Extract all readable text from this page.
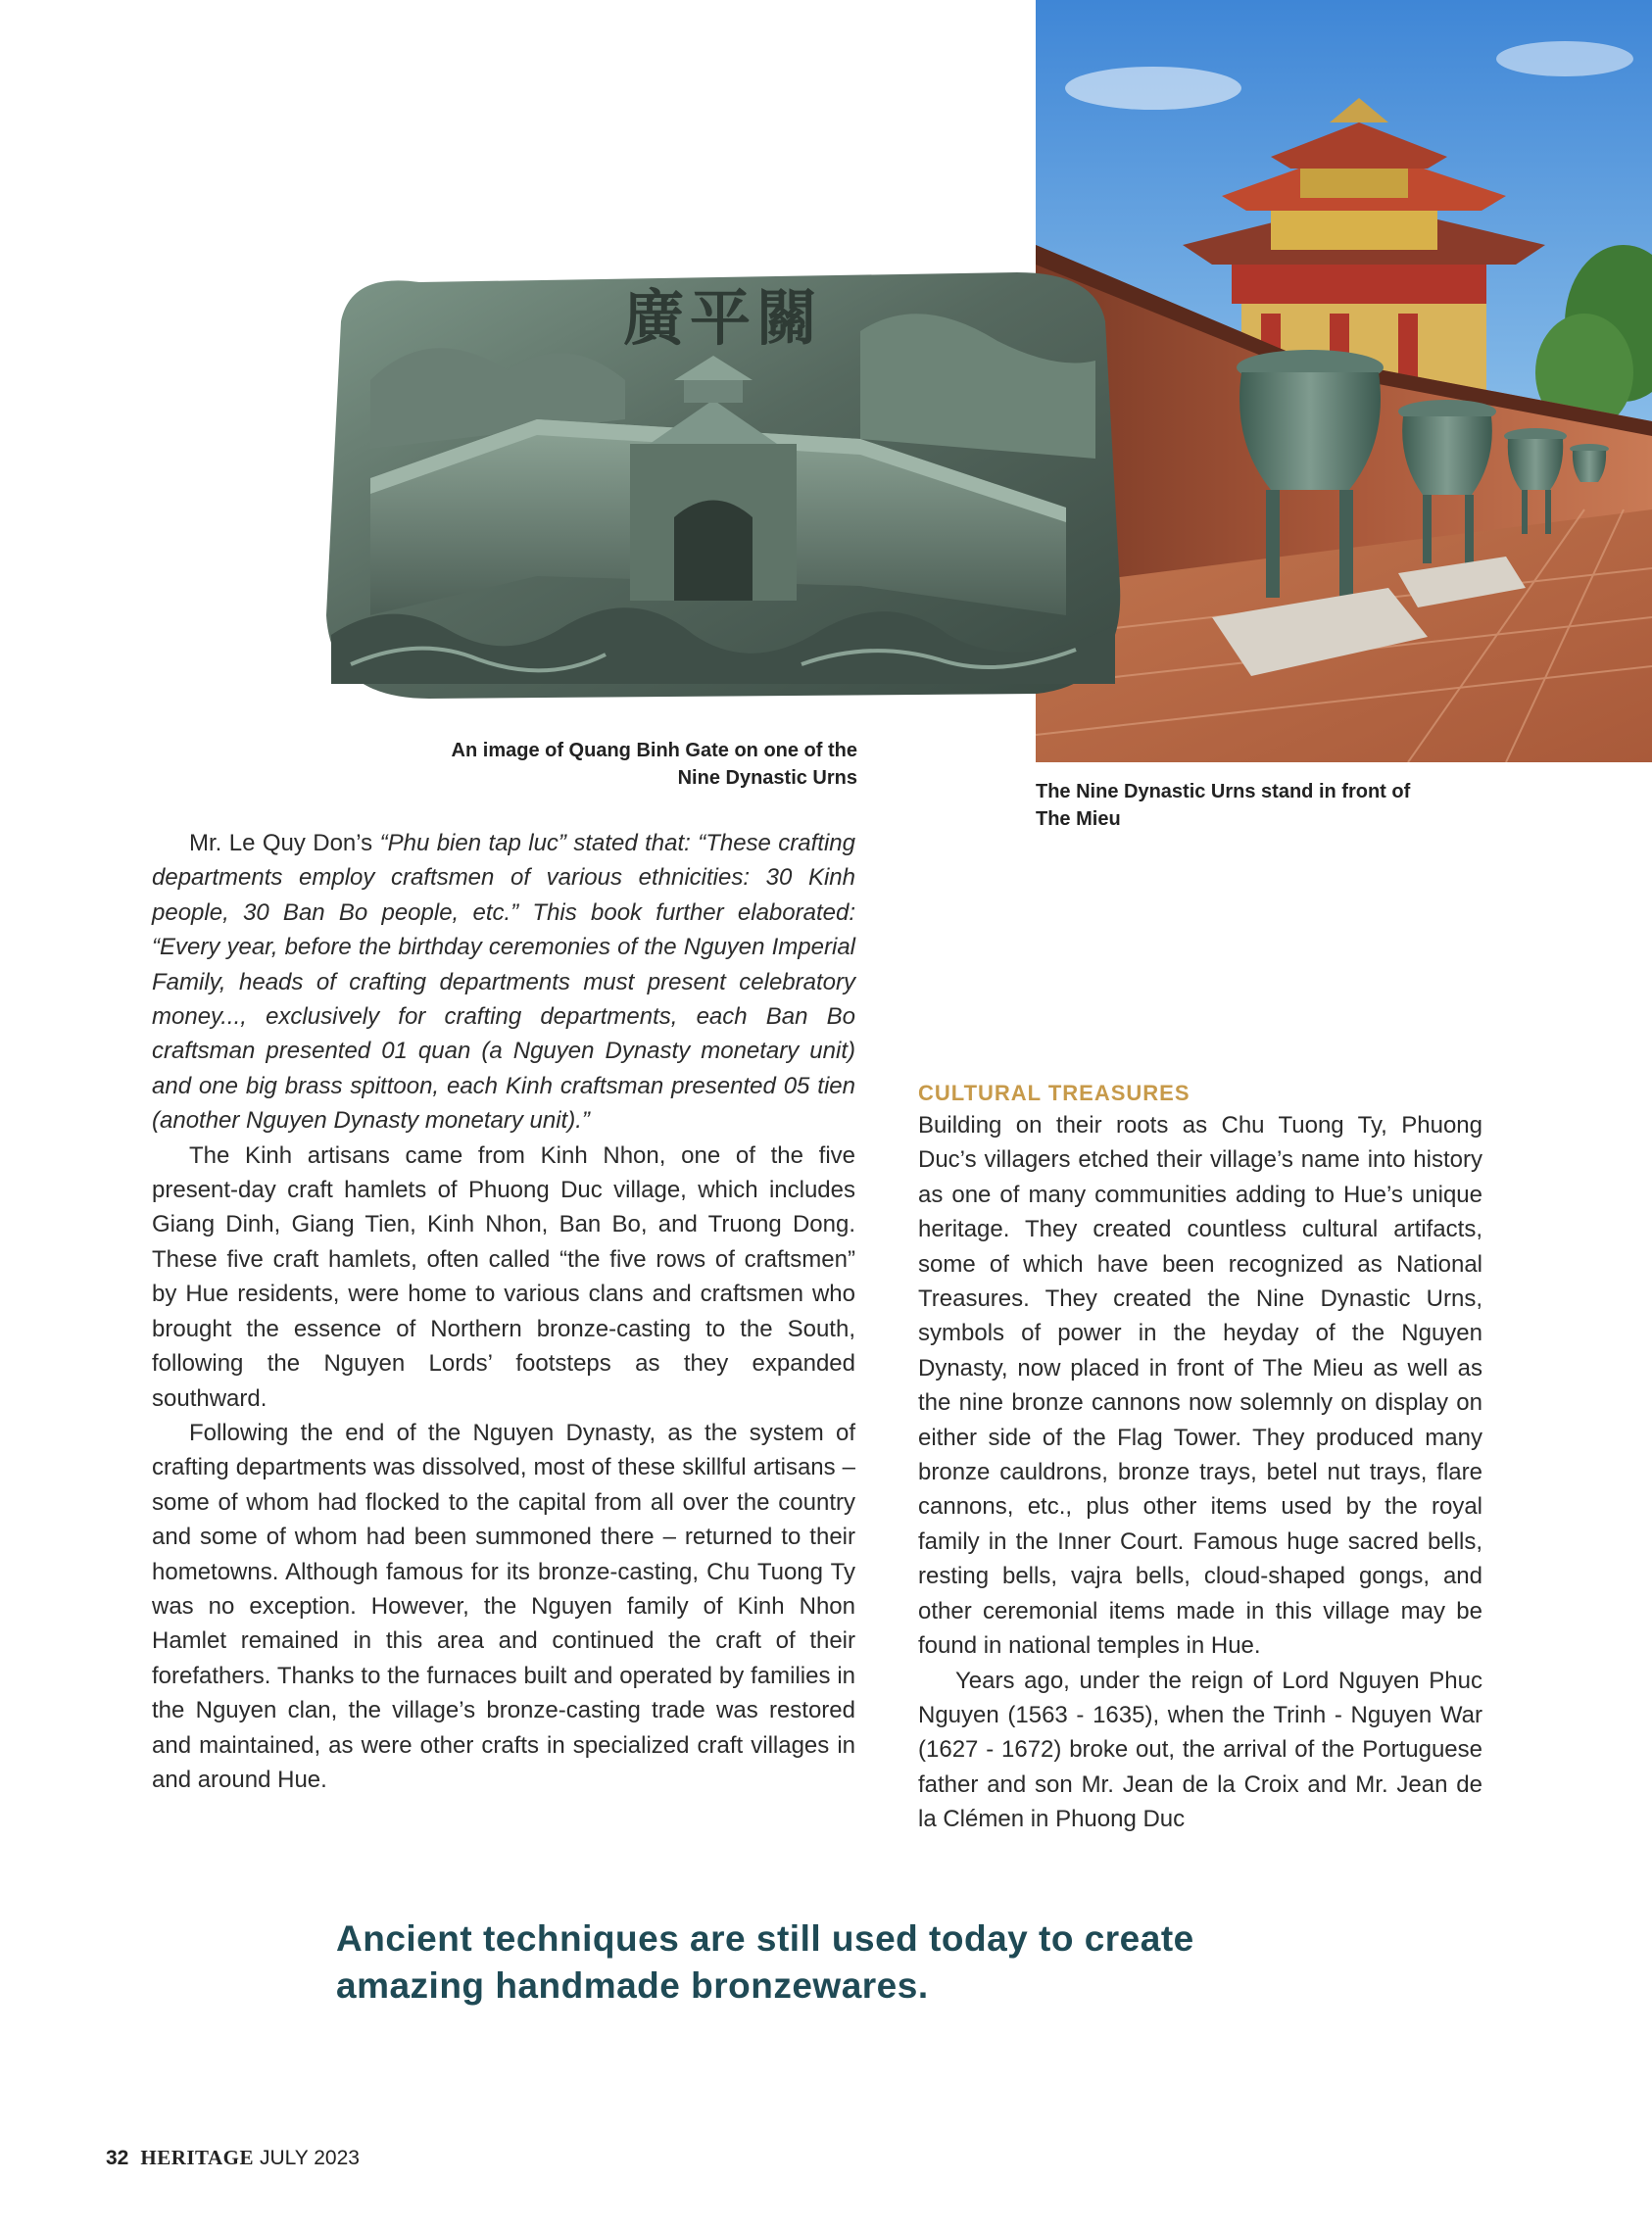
廣平關
An image of Quang Binh Gate on one of the Nine Dynastic Urns
The Nine Dynastic Urns stand in front of The Mieu

Mr. Le Quy Don’s “Phu bien tap luc” stated that: “These crafting departments employ craftsmen of various ethnicities: 30 Kinh people, 30 Ban Bo people, etc.” This book further elaborated: “Every year, before the birthday ceremonies of the Nguyen Imperial Family, heads of crafting departments must present celebratory money..., exclusively for crafting departments, each Ban Bo craftsman presented 01 quan (a Nguyen Dynasty monetary unit) and one big brass spittoon, each Kinh craftsman presented 05 tien (another Nguyen Dynasty monetary unit).”

The Kinh artisans came from Kinh Nhon, one of the five present-day craft hamlets of Phuong Duc village, which includes Giang Dinh, Giang Tien, Kinh Nhon, Ban Bo, and Truong Dong. These five craft hamlets, often called “the five rows of craftsmen” by Hue residents, were home to various clans and craftsmen who brought the essence of Northern bronze-casting to the South, following the Nguyen Lords’ footsteps as they expanded southward.

Following the end of the Nguyen Dynasty, as the system of crafting departments was dissolved, most of these skillful artisans – some of whom had flocked to the capital from all over the country and some of whom had been summoned there – returned to their hometowns. Although famous for its bronze-casting, Chu Tuong Ty was no exception. However, the Nguyen family of Kinh Nhon Hamlet remained in this area and continued the craft of their forefathers. Thanks to the furnaces built and operated by families in the Nguyen clan, the village’s bronze-casting trade was restored and maintained, as were other crafts in specialized craft villages in and around Hue.

CULTURAL TREASURES

Building on their roots as Chu Tuong Ty, Phuong Duc’s villagers etched their village’s name into history as one of many communities adding to Hue’s unique heritage. They created countless cultural artifacts, some of which have been recognized as National Treasures. They created the Nine Dynastic Urns, symbols of power in the heyday of the Nguyen Dynasty, now placed in front of The Mieu as well as the nine bronze cannons now solemnly on display on either side of the Flag Tower. They produced many bronze cauldrons, bronze trays, betel nut trays, flare cannons, etc., plus other items used by the royal family in the Inner Court. Famous huge sacred bells, resting bells, vajra bells, cloud-shaped gongs, and other ceremonial items made in this village may be found in national temples in Hue.

Years ago, under the reign of Lord Nguyen Phuc Nguyen (1563 - 1635), when the Trinh - Nguyen War (1627 - 1672) broke out, the arrival of the Portuguese father and son Mr. Jean de la Croix and Mr. Jean de la Clémen in Phuong Duc

Ancient techniques are still used today to create amazing handmade bronzewares.
32 HERITAGE JULY 2023
